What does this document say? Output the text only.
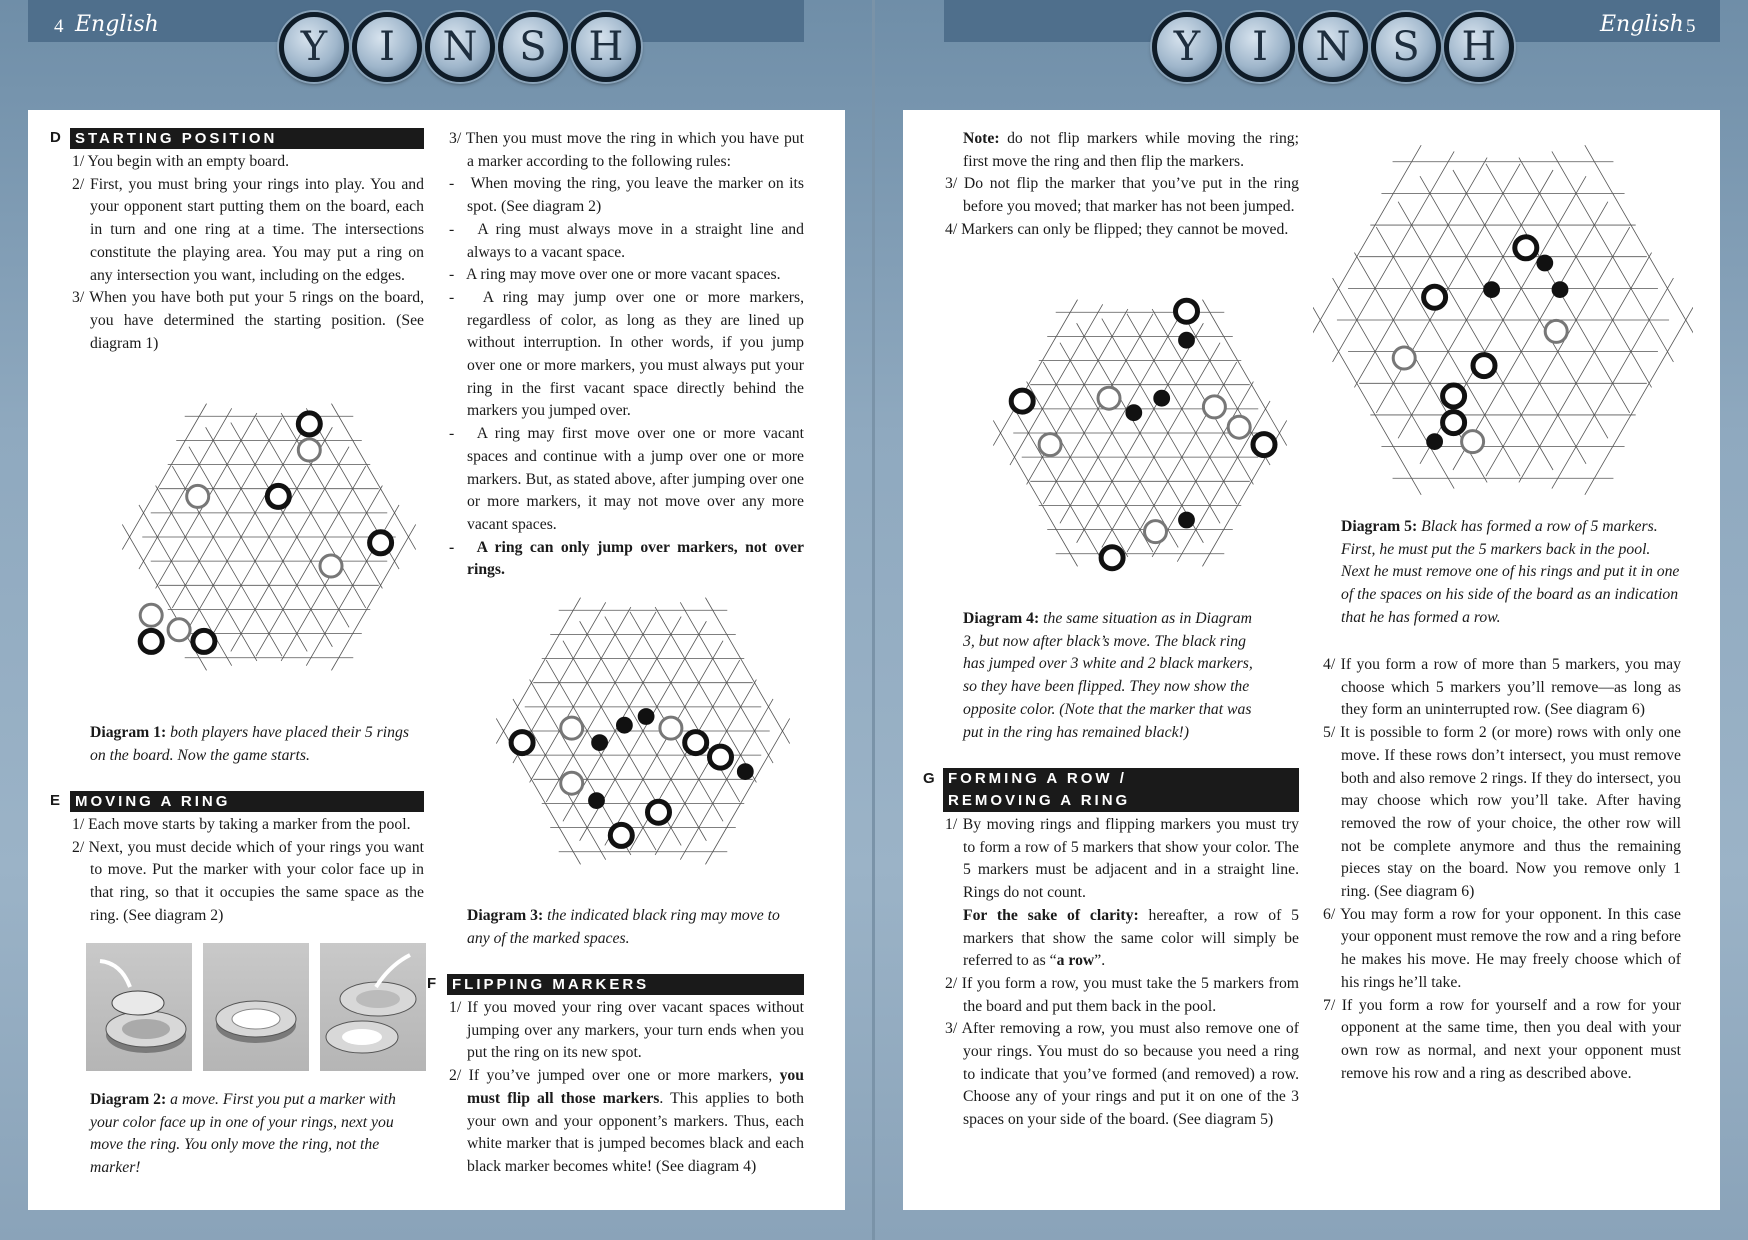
4 English	English 5
Y	I	N	S	H	Y	I	N	S	H
D STARTING POSITION

1/ You begin with an empty board.

2/ First, you must bring your rings into play. You and your opponent start putting them on the board, each in turn and one ring at a time. The intersections constitute the playing area. You may put a ring on any intersection you want, including on the edges.

3/ When you have both put your 5 rings on the board, you have determined the starting position. (See diagram 1)

Diagram 1: both players have placed their 5 rings on the board. Now the game starts.
E MOVING A RING

1/ Each move starts by taking a marker from the pool.

2/ Next, you must decide which of your rings you want to move. Put the marker with your color face up in that ring, so that it occupies the same space as the ring. (See diagram 2)

Diagram 2: a move. First you put a marker with your color face up in one of your rings, next you move the ring. You only move the ring, not the marker!

3/ Then you must move the ring in which you have put a marker according to the following rules:

-   When moving the ring, you leave the marker on its spot. (See diagram 2)

-   A ring must always move in a straight line and always to a vacant space.

-   A ring may move over one or more vacant spaces.

-   A ring may jump over one or more markers, regardless of color, as long as they are lined up without interruption. In other words, if you jump over one or more markers, you must always put your ring in the first vacant space directly behind the markers you jumped over.

-   A ring may first move over one or more vacant spaces and continue with a jump over one or more markers. But, as stated above, after jumping over one or more markers, it may not move over any more vacant spaces.

-   A ring can only jump over markers, not over rings.

Diagram 3: the indicated black ring may move to any of the marked spaces.
F	FLIPPING MARKERS

1/ If you moved your ring over vacant spaces without jumping over any markers, your turn ends when you put the ring on its new spot.

2/ If you’ve jumped over one or more markers, you must flip all those markers. This applies to both your own and your opponent’s markers. Thus, each white marker that is jumped becomes black and each black marker becomes white! (See diagram 4)

Note: do not flip markers while moving the ring; first move the ring and then flip the markers.

3/ Do not flip the marker that you’ve put in the ring before you moved; that marker has not been jumped.

4/ Markers can only be flipped; they cannot be moved.

Diagram 4: the same situation as in Diagram 3, but now after black’s move. The black ring has jumped over 3 white and 2 black markers, so they have been flipped. They now show the opposite color. (Note that the marker that was put in the ring has remained black!)
G FORMING A ROW /
REMOVING A RING

1/ By moving rings and flipping markers you must try to form a row of 5 markers that show your color. The 5 markers must be adjacent and in a straight line. Rings do not count.

For the sake of clarity: hereafter, a row of 5 markers that show the same color will simply be referred to as “a row”.

2/ If you form a row, you must take the 5 markers from the board and put them back in the pool.

3/ After removing a row, you must also remove one of your rings. You must do so because you need a ring to indicate that you’ve formed (and removed) a row. Choose any of your rings and put it on one of the 3 spaces on your side of the board. (See diagram 5)

Diagram 5: Black has formed a row of 5 markers. First, he must put the 5 markers back in the pool. Next he must remove one of his rings and put it in one of the spaces on his side of the board as an indication that he has formed a row.

4/ If you form a row of more than 5 markers, you may choose which 5 markers you’ll remove—as long as they form an uninterrupted row. (See diagram 6)

5/ It is possible to form 2 (or more) rows with only one move. If these rows don’t intersect, you must remove both and also remove 2 rings. If they do intersect, you may choose which row you’ll take. After having removed the row of your choice, the other row will not be complete anymore and thus the remaining pieces stay on the board. Now you remove only 1 ring. (See diagram 6)

6/ You may form a row for your opponent. In this case your opponent must remove the row and a ring before he makes his move. He may freely choose which of his rings he’ll take.

7/ If you form a row for yourself and a row for your opponent at the same time, then you deal with your own row as normal, and next your opponent must remove his row and a ring as described above.
